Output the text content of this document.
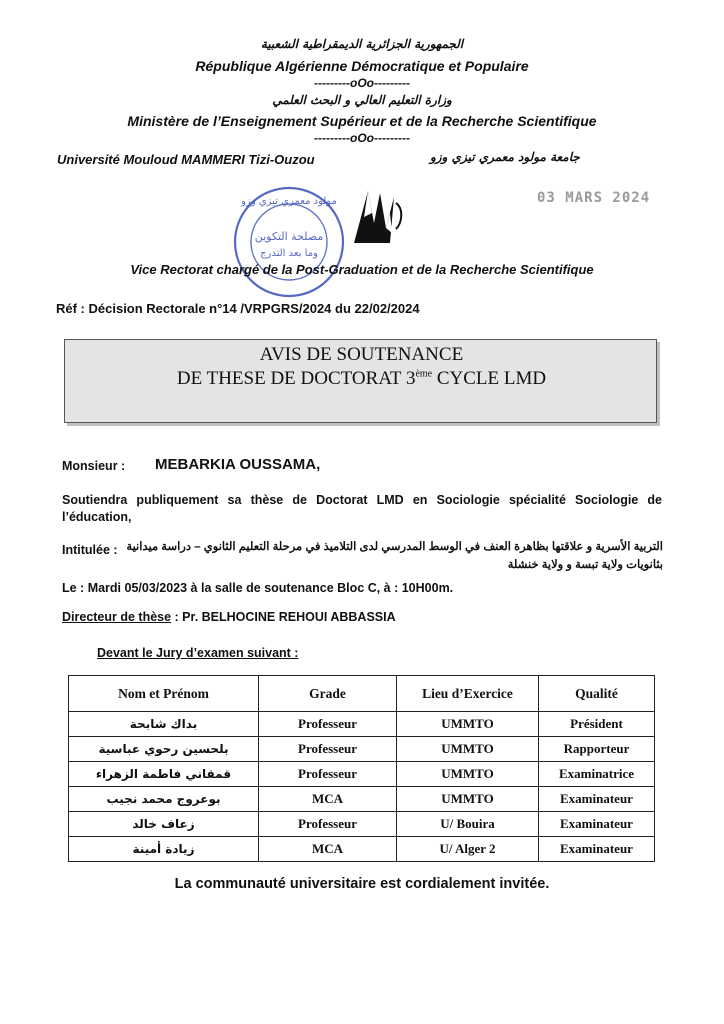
الجمهورية الجزائرية الديمقراطية الشعبية
République Algérienne Démocratique et Populaire
---------oOo---------
وزارة التعليم العالي و البحث العلمي
Ministère de l’Enseignement Supérieur et de la Recherche Scientifique
---------oOo---------
Université Mouloud MAMMERI Tizi-Ouzou	جامعة مولود معمري تيزي وزو
مولود معمري تيزي وزو
مصلحة التكوين
وما بعد التدرج
03 MARS 2024
Vice Rectorat chargé de la Post-Graduation et de la Recherche Scientifique
Réf : Décision Rectorale n°14 /VRPGRS/2024 du 22/02/2024
AVIS DE SOUTENANCE
DE THESE DE DOCTORAT 3ème CYCLE LMD
Monsieur : MEBARKIA OUSSAMA,
Soutiendra publiquement sa thèse de Doctorat LMD en Sociologie spécialité Sociologie de l’éducation,
Intitulée : التربية الأسرية و علاقتها بظاهرة العنف في الوسط المدرسي لدى التلاميذ في مرحلة التعليم الثانوي – دراسة ميدانية بثانويات ولاية تبسة و ولاية خنشلة
Le : Mardi 05/03/2023 à la salle de soutenance Bloc C, à : 10H00m.
Directeur de thèse : Pr. BELHOCINE REHOUI ABBASSIA
Devant le Jury d’examen suivant :
Nom et Prénom	Grade	Lieu d’Exercice	Qualité
بداك شابحة	Professeur	UMMTO	Président
بلحسين رحوي عباسية	Professeur	UMMTO	Rapporteur
قمقاني فاطمة الزهراء	Professeur	UMMTO	Examinatrice
بوعروج محمد نجيب	MCA	UMMTO	Examinateur
زعاف خالد	Professeur	U/ Bouira	Examinateur
زيادة أمينة	MCA	U/ Alger 2	Examinateur
La communauté universitaire est cordialement invitée.
